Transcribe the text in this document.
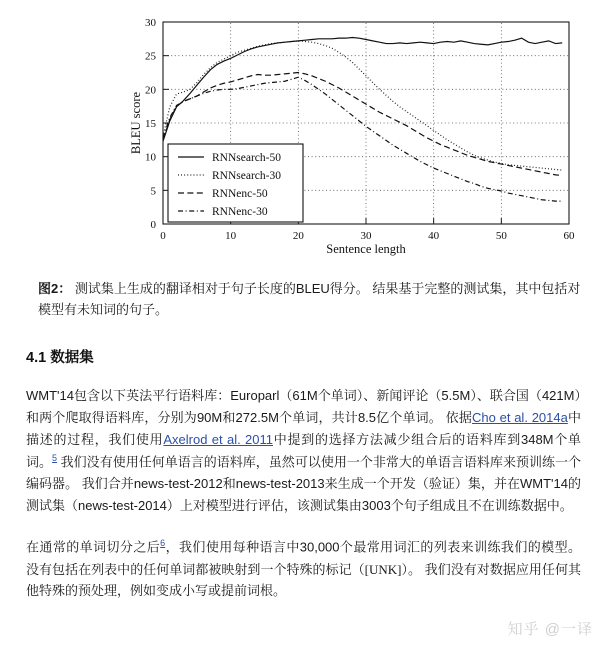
0
5
10
15
20
25
30
0	10	20	30	40	50	60
Sentence length
BLEU score
RNNsearch-50
RNNsearch-30
RNNenc-50
RNNenc-30

图2： 测试集上生成的翻译相对于句子长度的BLEU得分。 结果基于完整的测试集，其中包括对模型有未知词的句子。

4.1 数据集

WMT'14包含以下英法平行语料库：Europarl（61M个单词）、新闻评论（5.5M）、联合国（421M）和两个爬取得语料库，分别为90M和272.5M个单词，共计8.5亿个单词。 依据Cho et al. 2014a中描述的过程，我们使用Axelrod et al. 2011中提到的选择方法减少组合后的语料库到348M个单词。$^5$ 我们没有使用任何单语言的语料库，虽然可以使用一个非常大的单语言语料库来预训练一个编码器。 我们合并news-test-2012和news-test-2013来生成一个开发（验证）集，并在WMT'14的测试集（news-test-2014）上对模型进行评估，该测试集由3003个句子组成且不在训练数据中。

在通常的单词切分之后$^6$，我们使用每种语言中30,000个最常用词汇的列表来训练我们的模型。 没有包括在列表中的任何单词都被映射到一个特殊的标记（[UNK]）。 我们没有对数据应用任何其他特殊的预处理，例如变成小写或提前词根。

知乎 @一译
